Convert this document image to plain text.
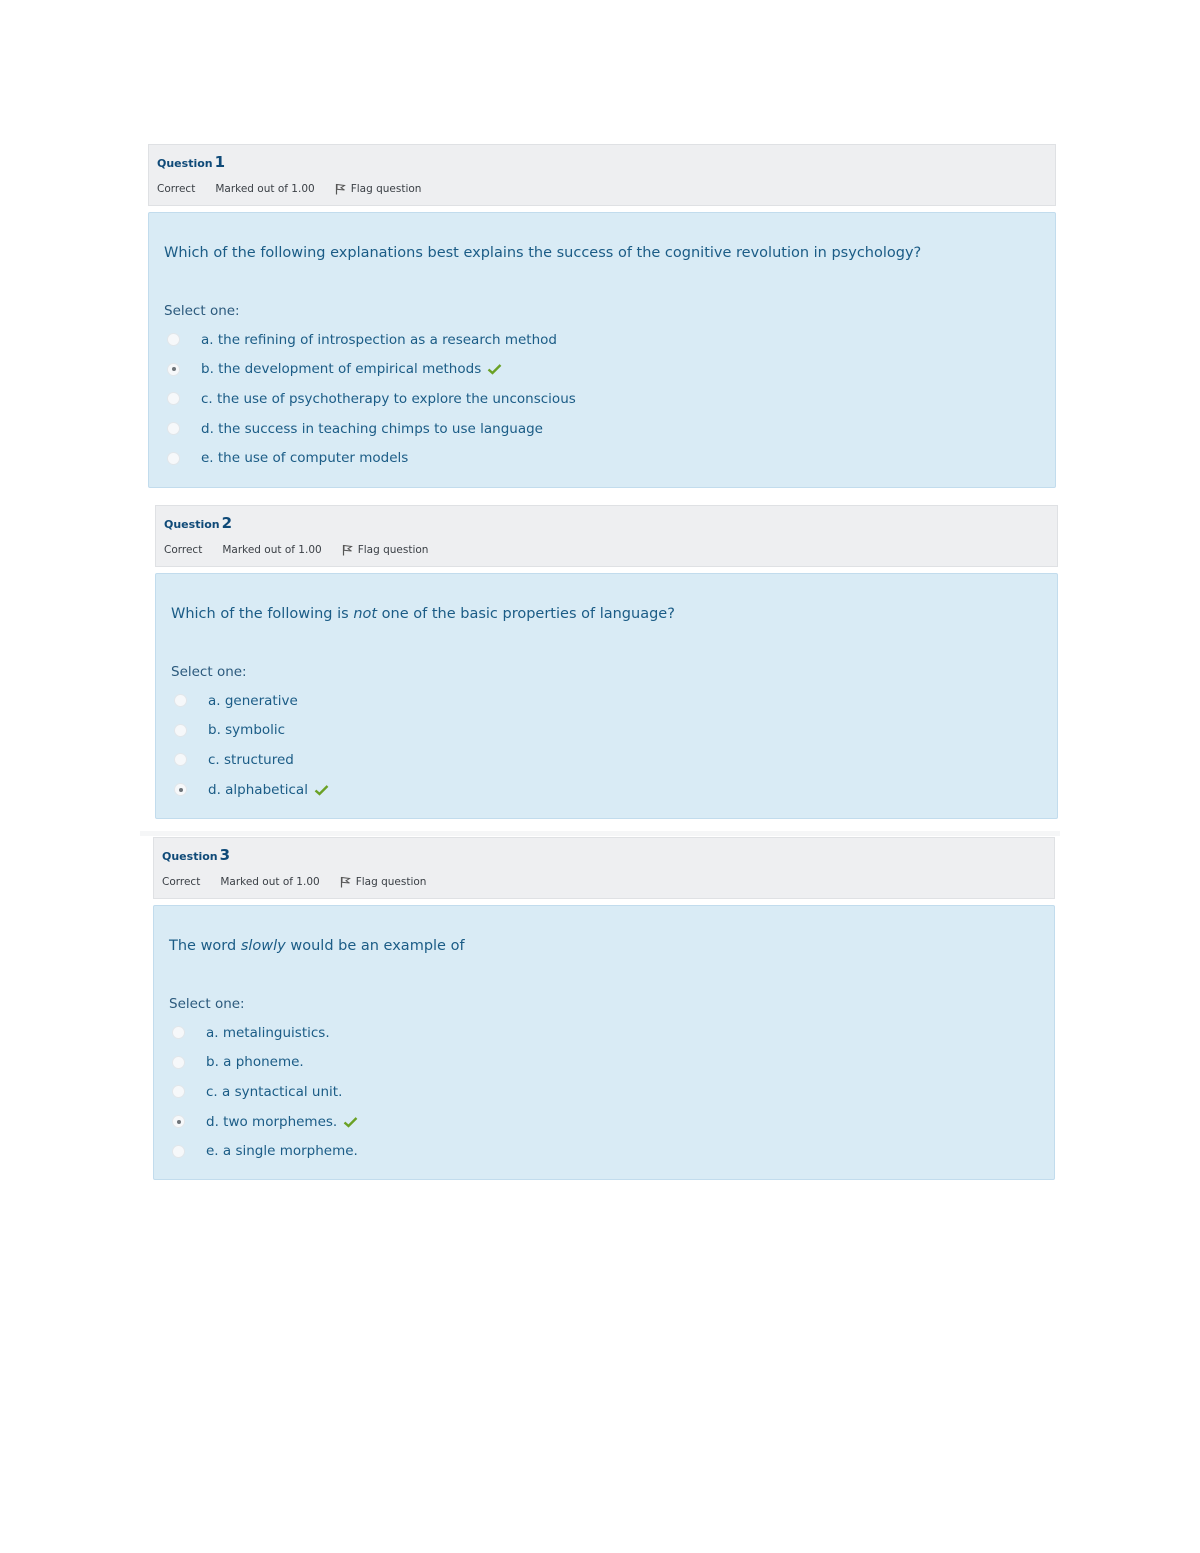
Question 1
Correct Marked out of 1.00	Flag question
Which of the following explanations best explains the success of the cognitive revolution in psychology?
Select one:
a. the refining of introspection as a research method
b. the development of empirical methods
c. the use of psychotherapy to explore the unconscious
d. the success in teaching chimps to use language
e. the use of computer models
Question 2
Correct Marked out of 1.00	Flag question
Which of the following is not one of the basic properties of language?
Select one:
a. generative
b. symbolic
c. structured
d. alphabetical
Question 3
Correct Marked out of 1.00	Flag question
The word slowly would be an example of
Select one:
a. metalinguistics.
b. a phoneme.
c. a syntactical unit.
d. two morphemes.
e. a single morpheme.
